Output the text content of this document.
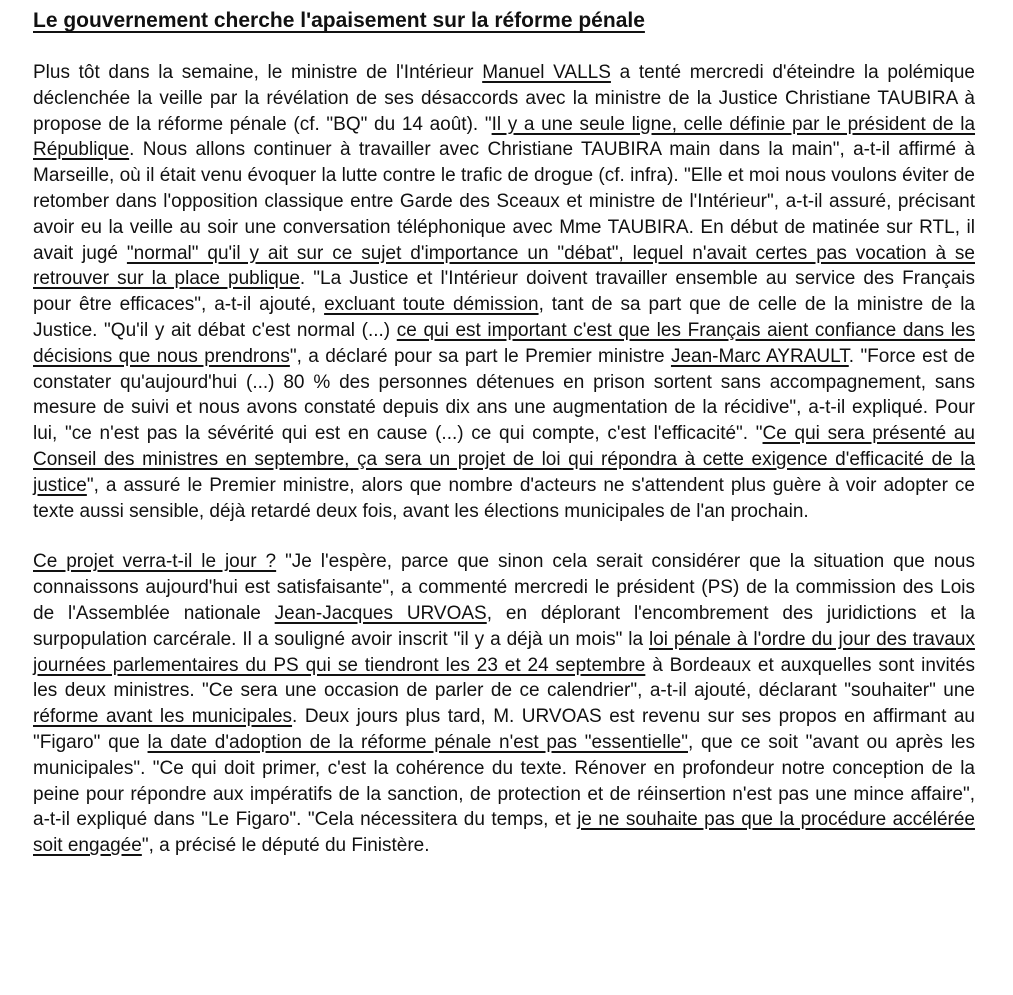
Le gouvernement cherche l'apaisement sur la réforme pénale

Plus tôt dans la semaine, le ministre de l'Intérieur Manuel VALLS a tenté mercredi d'éteindre la polémique déclenchée la veille par la révélation de ses désaccords avec la ministre de la Justice Christiane TAUBIRA à propose de la réforme pénale (cf. "BQ" du 14 août). "Il y a une seule ligne, celle définie par le président de la République. Nous allons continuer à travailler avec Christiane TAUBIRA main dans la main", a-t-il affirmé à Marseille, où il était venu évoquer la lutte contre le trafic de drogue (cf. infra). "Elle et moi nous voulons éviter de retomber dans l'opposition classique entre Garde des Sceaux et ministre de l'Intérieur", a-t-il assuré, précisant avoir eu la veille au soir une conversation téléphonique avec Mme TAUBIRA. En début de matinée sur RTL, il avait jugé "normal" qu'il y ait sur ce sujet d'importance un "débat", lequel n'avait certes pas vocation à se retrouver sur la place publique. "La Justice et l'Intérieur doivent travailler ensemble au service des Français pour être efficaces", a-t-il ajouté, excluant toute démission, tant de sa part que de celle de la ministre de la Justice. "Qu'il y ait débat c'est normal (...) ce qui est important c'est que les Français aient confiance dans les décisions que nous prendrons", a déclaré pour sa part le Premier ministre Jean-Marc AYRAULT. "Force est de constater qu'aujourd'hui (...) 80 % des personnes détenues en prison sortent sans accompagnement, sans mesure de suivi et nous avons constaté depuis dix ans une augmentation de la récidive", a-t-il expliqué. Pour lui, "ce n'est pas la sévérité qui est en cause (...) ce qui compte, c'est l'efficacité". "Ce qui sera présenté au Conseil des ministres en septembre, ça sera un projet de loi qui répondra à cette exigence d'efficacité de la justice", a assuré le Premier ministre, alors que nombre d'acteurs ne s'attendent plus guère à voir adopter ce texte aussi sensible, déjà retardé deux fois, avant les élections municipales de l'an prochain.

Ce projet verra-t-il le jour ? "Je l'espère, parce que sinon cela serait considérer que la situation que nous connaissons aujourd'hui est satisfaisante", a commenté mercredi le président (PS) de la commission des Lois de l'Assemblée nationale Jean-Jacques URVOAS, en déplorant l'encombrement des juridictions et la surpopulation carcérale. Il a souligné avoir inscrit "il y a déjà un mois" la loi pénale à l'ordre du jour des travaux journées parlementaires du PS qui se tiendront les 23 et 24 septembre à Bordeaux et auxquelles sont invités les deux ministres. "Ce sera une occasion de parler de ce calendrier", a-t-il ajouté, déclarant "souhaiter" une réforme avant les municipales. Deux jours plus tard, M. URVOAS est revenu sur ses propos en affirmant au "Figaro" que la date d'adoption de la réforme pénale n'est pas "essentielle", que ce soit "avant ou après les municipales". "Ce qui doit primer, c'est la cohérence du texte. Rénover en profondeur notre conception de la peine pour répondre aux impératifs de la sanction, de protection et de réinsertion n'est pas une mince affaire", a-t-il expliqué dans "Le Figaro". "Cela nécessitera du temps, et je ne souhaite pas que la procédure accélérée soit engagée", a précisé le député du Finistère.
